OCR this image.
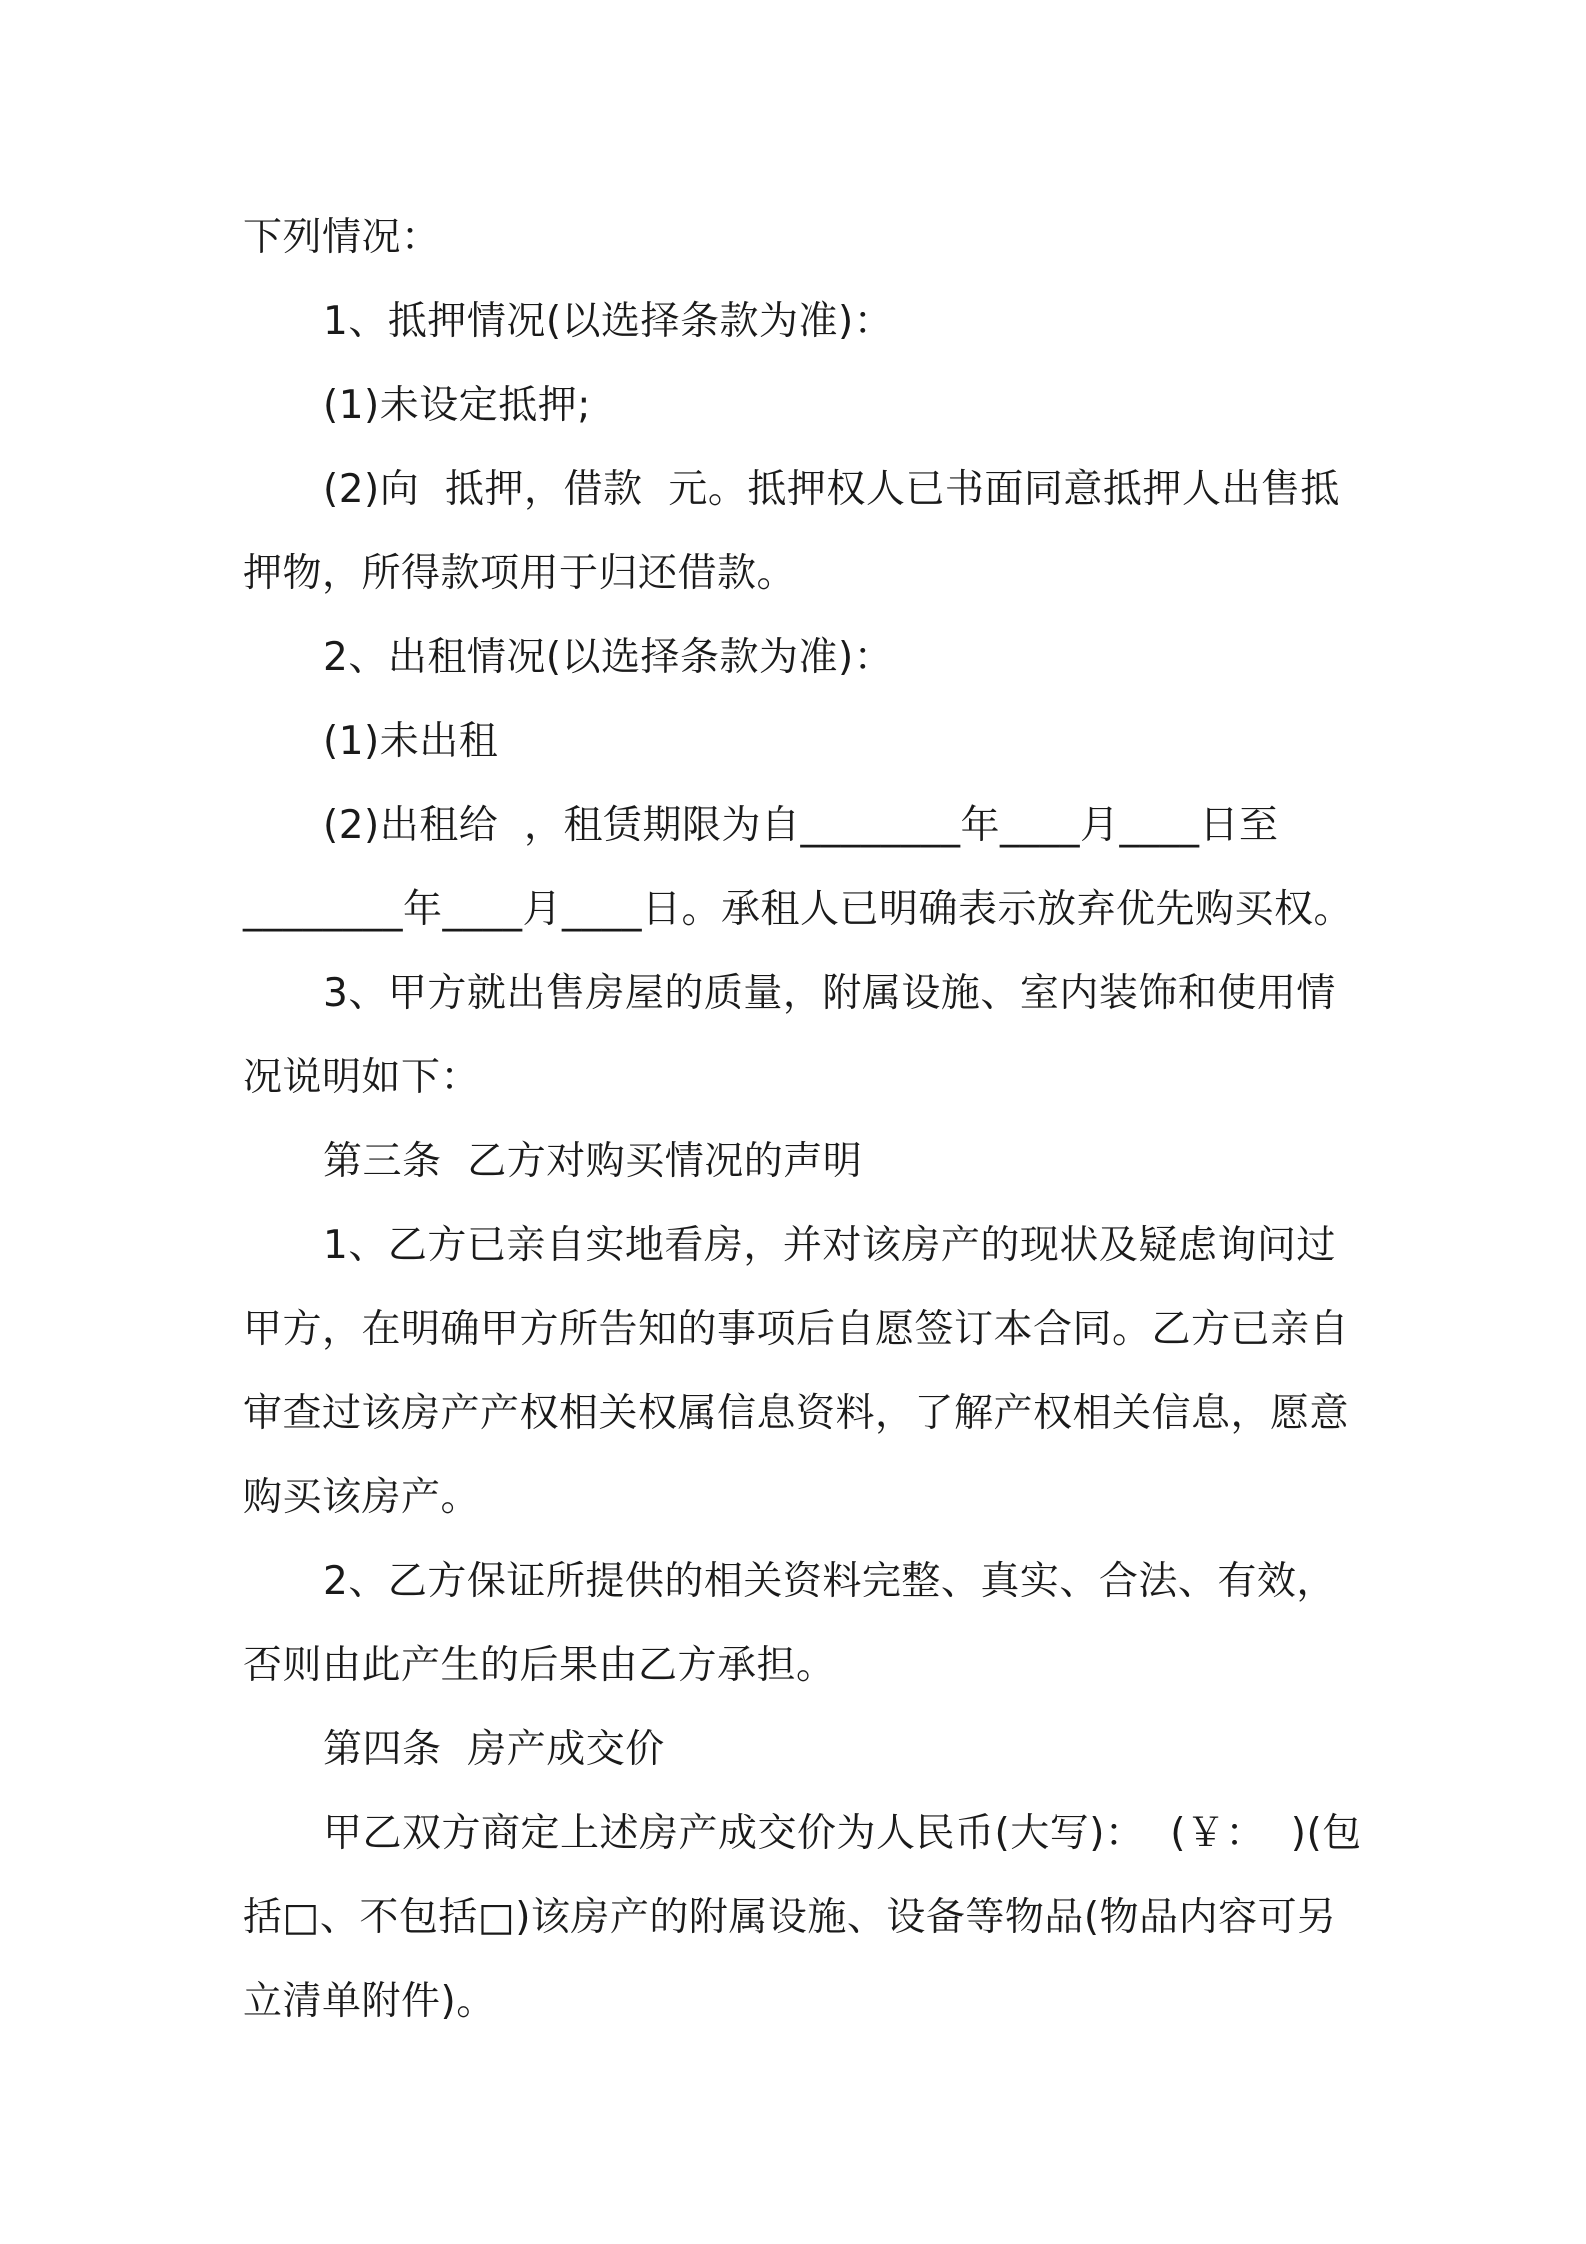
下列情况：
1、抵押情况(以选择条款为准)：
(1)未设定抵押;
(2)向  抵押，借款  元。抵押权人已书面同意抵押人出售抵
押物，所得款项用于归还借款。
2、出租情况(以选择条款为准)：
(1)未出租
(2)出租给  ，租赁期限为自________年____月____日至
________年____月____日。承租人已明确表示放弃优先购买权。
3、甲方就出售房屋的质量，附属设施、室内装饰和使用情
况说明如下：
第三条  乙方对购买情况的声明
1、乙方已亲自实地看房，并对该房产的现状及疑虑询问过
甲方，在明确甲方所告知的事项后自愿签订本合同。乙方已亲自
审查过该房产产权相关权属信息资料，了解产权相关信息，愿意
购买该房产。
2、乙方保证所提供的相关资料完整、真实、合法、有效，
否则由此产生的后果由乙方承担。
第四条  房产成交价
甲乙双方商定上述房产成交价为人民币(大写)：  (￥：  )(包
括□、不包括□)该房产的附属设施、设备等物品(物品内容可另
立清单附件)。
